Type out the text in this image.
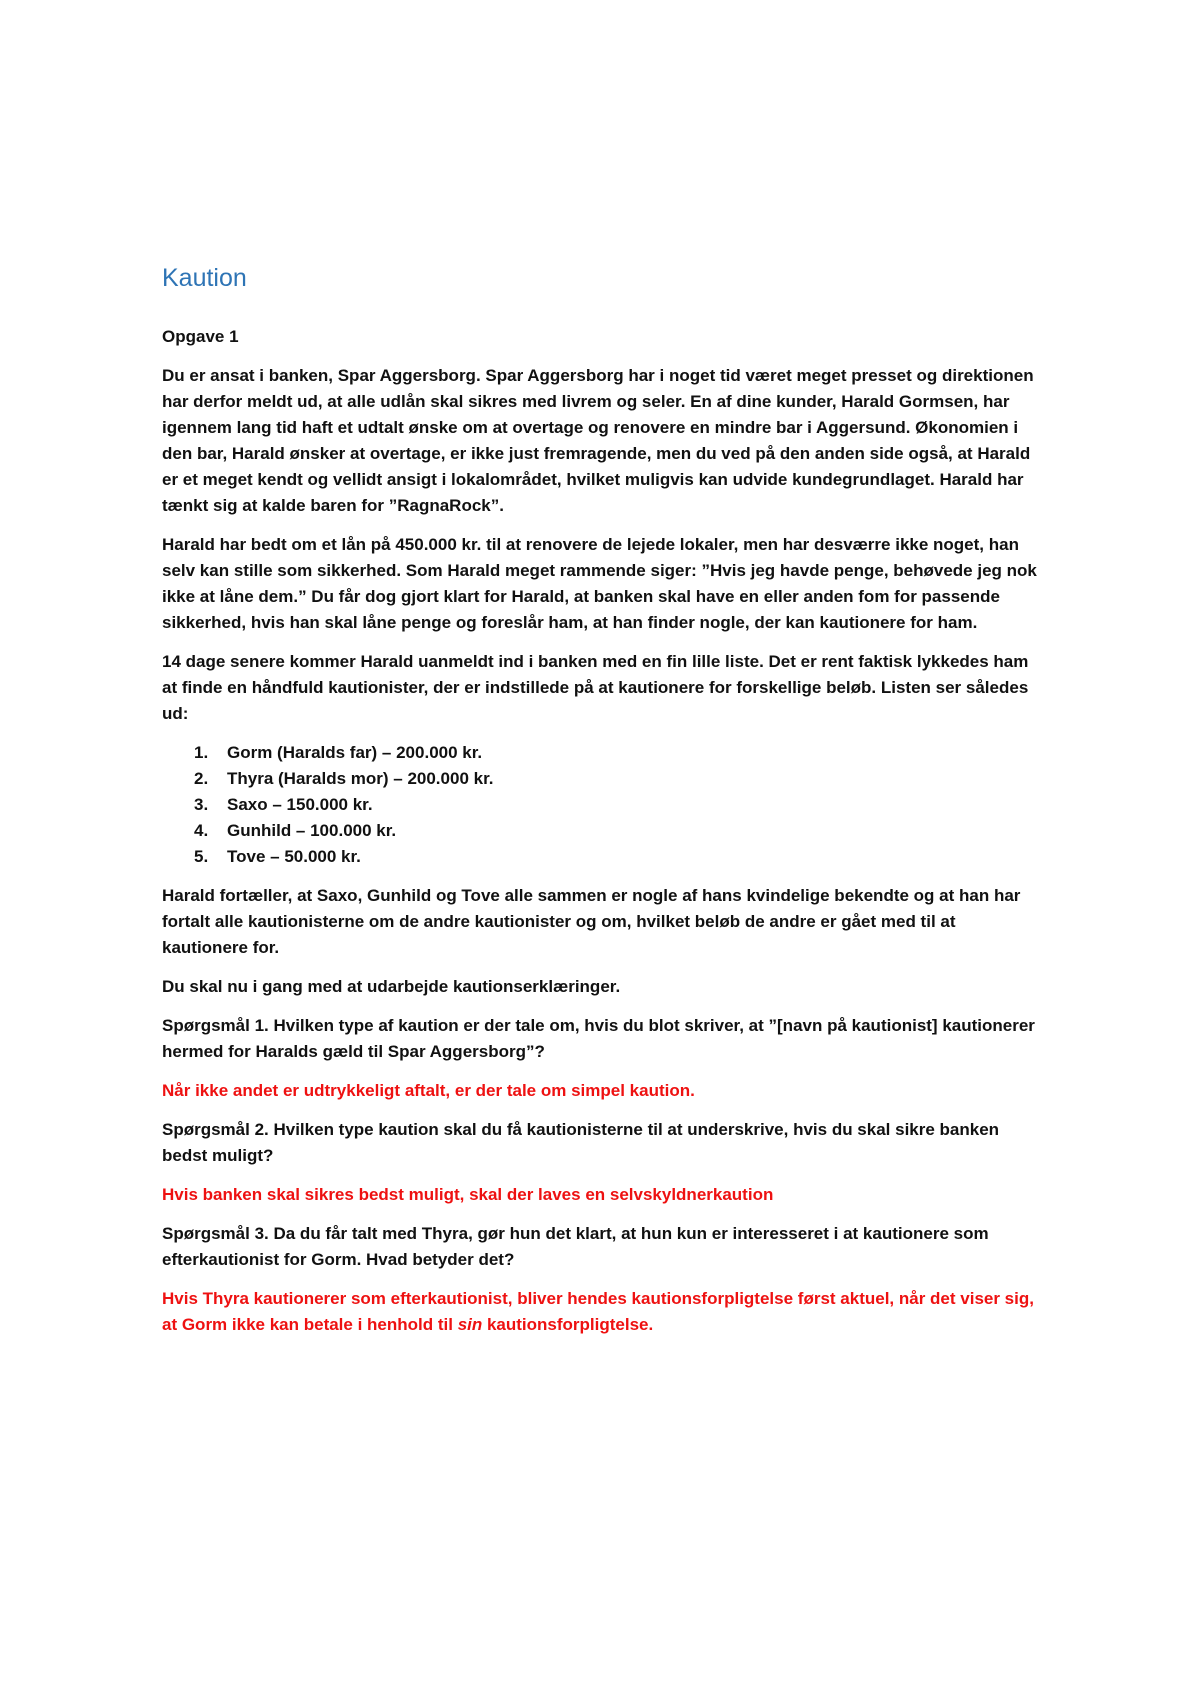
Kaution
Opgave 1

Du er ansat i banken, Spar Aggersborg. Spar Aggersborg har i noget tid været meget presset og direktionen har derfor meldt ud, at alle udlån skal sikres med livrem og seler. En af dine kunder, Harald Gormsen, har igennem lang tid haft et udtalt ønske om at overtage og renovere en mindre bar i Aggersund. Økonomien i den bar, Harald ønsker at overtage, er ikke just fremragende, men du ved på den anden side også, at Harald er et meget kendt og vellidt ansigt i lokalområdet, hvilket muligvis kan udvide kundegrundlaget. Harald har tænkt sig at kalde baren for ”RagnaRock”.

Harald har bedt om et lån på 450.000 kr. til at renovere de lejede lokaler, men har desværre ikke noget, han selv kan stille som sikkerhed. Som Harald meget rammende siger: ”Hvis jeg havde penge, behøvede jeg nok ikke at låne dem.” Du får dog gjort klart for Harald, at banken skal have en eller anden fom for passende sikkerhed, hvis han skal låne penge og foreslår ham, at han finder nogle, der kan kautionere for ham.

14 dage senere kommer Harald uanmeldt ind i banken med en fin lille liste. Det er rent faktisk lykkedes ham at finde en håndfuld kautionister, der er indstillede på at kautionere for forskellige beløb. Listen ser således ud:

1. Gorm (Haralds far) – 200.000 kr.
2. Thyra (Haralds mor) – 200.000 kr.
3. Saxo – 150.000 kr.
4. Gunhild – 100.000 kr.
5. Tove – 50.000 kr.

Harald fortæller, at Saxo, Gunhild og Tove alle sammen er nogle af hans kvindelige bekendte og at han har fortalt alle kautionisterne om de andre kautionister og om, hvilket beløb de andre er gået med til at kautionere for.

Du skal nu i gang med at udarbejde kautionserklæringer.

Spørgsmål 1. Hvilken type af kaution er der tale om, hvis du blot skriver, at ”[navn på kautionist] kautionerer hermed for Haralds gæld til Spar Aggersborg”?

Når ikke andet er udtrykkeligt aftalt, er der tale om simpel kaution.

Spørgsmål 2. Hvilken type kaution skal du få kautionisterne til at underskrive, hvis du skal sikre banken bedst muligt?

Hvis banken skal sikres bedst muligt, skal der laves en selvskyldnerkaution

Spørgsmål 3. Da du får talt med Thyra, gør hun det klart, at hun kun er interesseret i at kautionere som efterkautionist for Gorm. Hvad betyder det?

Hvis Thyra kautionerer som efterkautionist, bliver hendes kautionsforpligtelse først aktuel, når det viser sig, at Gorm ikke kan betale i henhold til sin kautionsforpligtelse.
